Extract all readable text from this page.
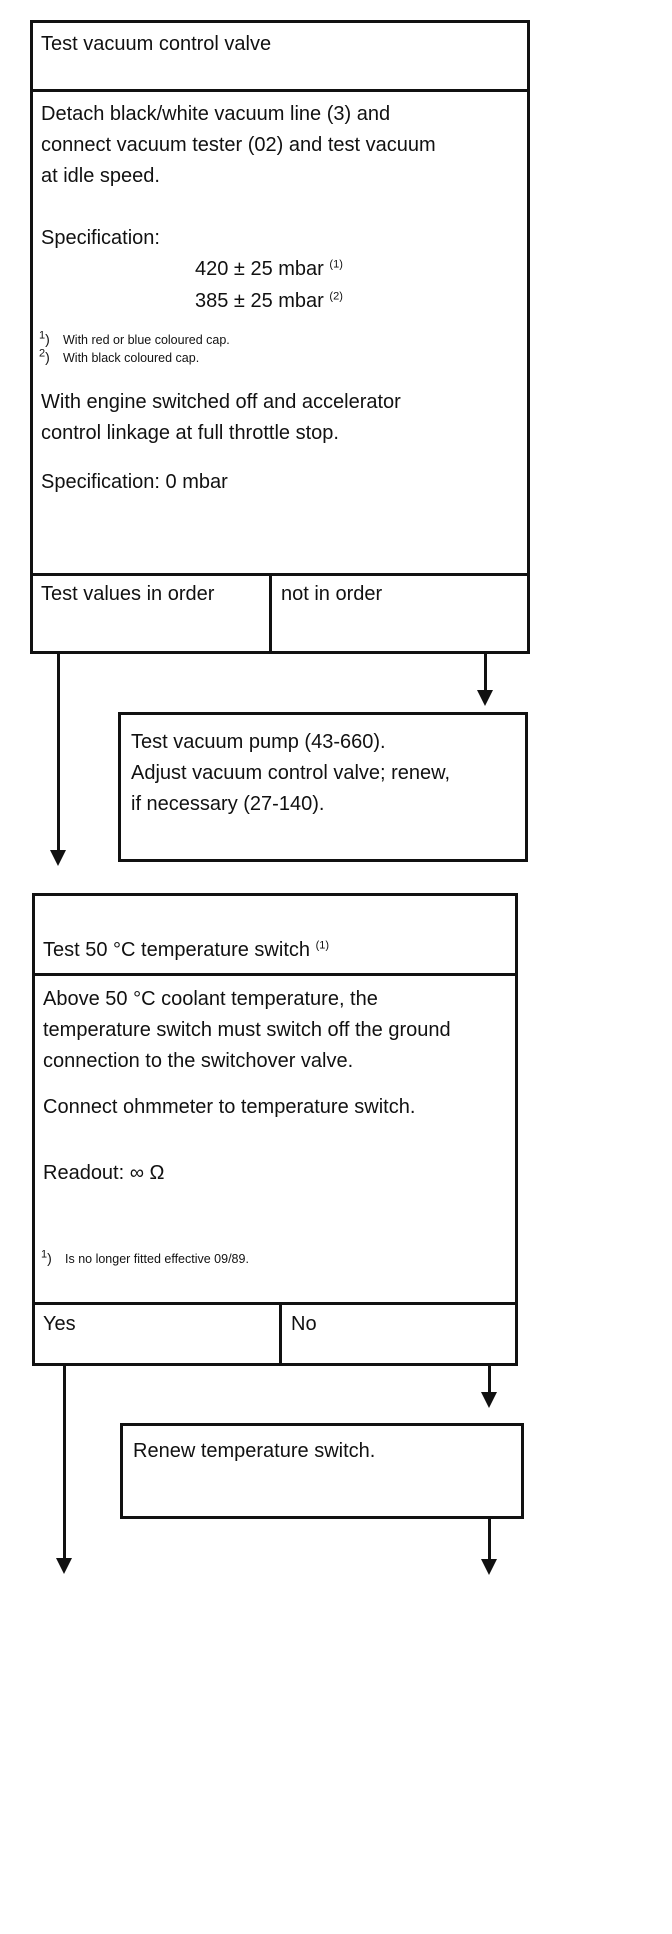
Test vacuum control valve
Detach black/white vacuum line (3) and
connect vacuum tester (02) and test vacuum
at idle speed.
Specification:

420 ± 25 mbar $^{(1)}$

385 ± 25 mbar $^{(2)}$

$^1$) With red or blue coloured cap.

$^2$) With black coloured cap.

With engine switched off and accelerator
control linkage at full throttle stop.
Specification: 0 mbar
Test values in order	not in order
Test vacuum pump (43-660).
Adjust vacuum control valve; renew,
if necessary (27-140).

Test 50 °C temperature switch $^{(1)}$

Above 50 °C coolant temperature, the
temperature switch must switch off the ground
connection to the switchover valve.
Connect ohmmeter to temperature switch.
Readout: ∞ Ω

$^1$) Is no longer fitted effective 09/89.

Yes	No
Renew temperature switch.
